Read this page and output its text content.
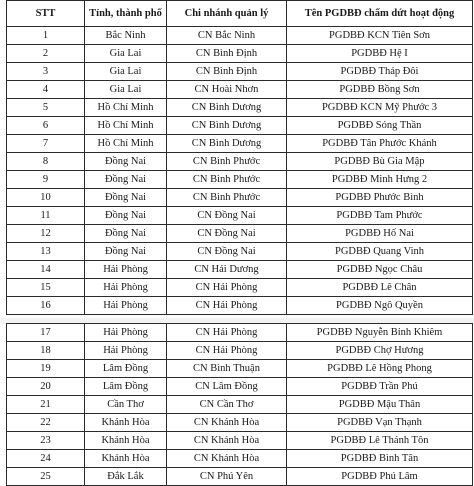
STT	Tỉnh, thành phố	Chi nhánh quản lý	Tên PGDBĐ chấm dứt hoạt động
1	Bắc Ninh	CN Bắc Ninh	PGDBĐ KCN Tiên Sơn
2	Gia Lai	CN Bình Định	PGDBĐ Hệ I
3	Gia Lai	CN Bình Định	PGDBĐ Tháp Đôi
4	Gia Lai	CN Hoài Nhơn	PGDBĐ Bồng Sơn
5	Hồ Chí Minh	CN Bình Dương	PGDBĐ KCN Mỹ Phước 3
6	Hồ Chí Minh	CN Bình Dương	PGDBĐ Sóng Thần
7	Hồ Chí Minh	CN Bình Dương	PGDBĐ Tân Phước Khánh
8	Đồng Nai	CN Bình Phước	PGDBĐ Bù Gia Mập
9	Đồng Nai	CN Bình Phước	PGDBĐ Minh Hưng 2
10	Đồng Nai	CN Bình Phước	PGDBĐ Phước Bình
11	Đồng Nai	CN Đồng Nai	PGDBĐ Tam Phước
12	Đồng Nai	CN Đồng Nai	PGDBĐ Hố Nai
13	Đồng Nai	CN Đồng Nai	PGDBĐ Quang Vinh
14	Hải Phòng	CN Hải Dương	PGDBĐ Ngọc Châu
15	Hải Phòng	CN Hải Phòng	PGDBĐ Lê Chân
16	Hải Phòng	CN Hải Phòng	PGDBĐ Ngô Quyền
17	Hải Phòng	CN Hải Phòng	PGDBĐ Nguyễn Bỉnh Khiêm
18	Hải Phòng	CN Hải Phòng	PGDBĐ Chợ Hương
19	Lâm Đồng	CN Bình Thuận	PGDBĐ Lê Hồng Phong
20	Lâm Đồng	CN Lâm Đồng	PGDBĐ Trần Phú
21	Cần Thơ	CN Cần Thơ	PGDBĐ Mậu Thân
22	Khánh Hòa	CN Khánh Hòa	PGDBĐ Vạn Thạnh
23	Khánh Hòa	CN Khánh Hòa	PGDBĐ Lê Thánh Tôn
24	Khánh Hòa	CN Khánh Hòa	PGDBĐ Bình Tân
25	Đắk Lắk	CN Phú Yên	PGDBĐ Phú Lâm
